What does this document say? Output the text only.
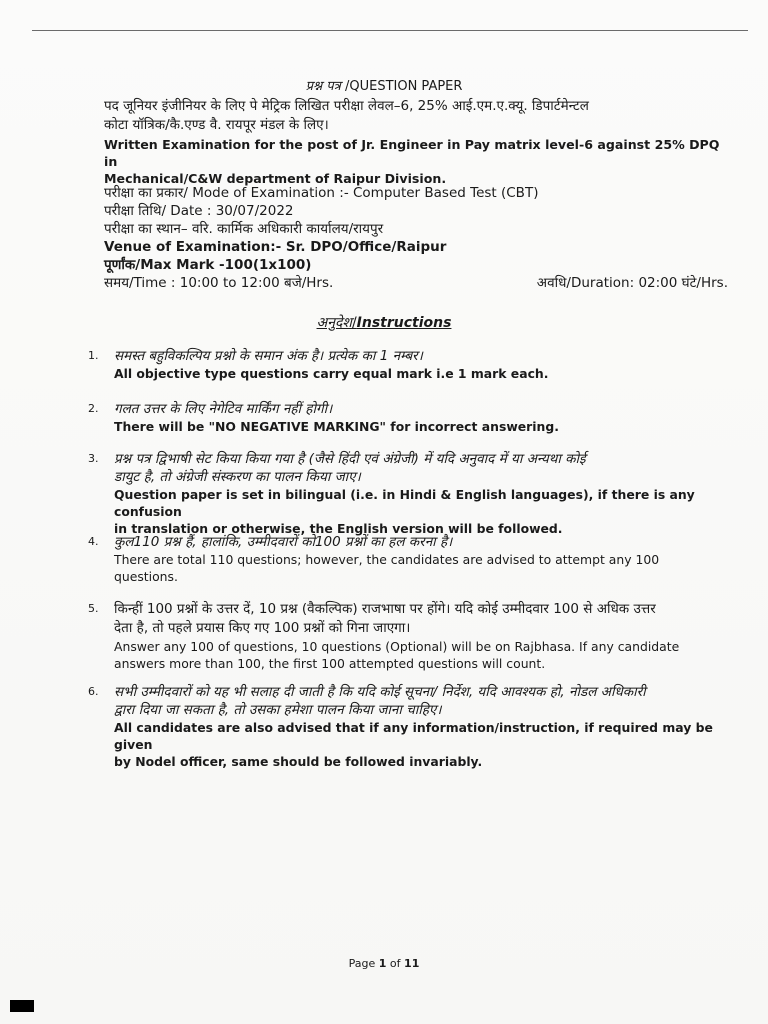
प्रश्न पत्र /QUESTION PAPER
पद जूनियर इंजीनियर के लिए पे मेट्रिक लिखित परीक्षा लेवल–6, 25% आई.एम.ए.क्यू. डिपार्टमेन्टल
कोटा यॉत्रिक/कै.एण्ड वै. रायपूर मंडल के लिए।
Written Examination for the post of Jr. Engineer in Pay matrix level-6 against 25% DPQ in
Mechanical/C&W department of Raipur Division.
परीक्षा का प्रकार/ Mode of Examination :- Computer Based Test (CBT)
परीक्षा तिथि/ Date : 30/07/2022
परीक्षा का स्थान– वरि. कार्मिक अधिकारी कार्यालय/रायपुर
Venue of Examination:- Sr. DPO/Office/Raipur
पूर्णांक/Max Mark -100(1x100)
समय/Time : 10:00 to 12:00 बजे/Hrs.	अवधि/Duration: 02:00 घंटे/Hrs.
अनुदेश/Instructions
1. समस्त बहुविकल्पिय प्रश्नो के समान अंक है। प्रत्येक का 1 नम्बर।
All objective type questions carry equal mark i.e 1 mark each.
2. गलत उत्तर के लिए नेगेटिव मार्किंग नहीं होगी।
There will be "NO NEGATIVE MARKING" for incorrect answering.
3. प्रश्न पत्र द्विभाषी सेट किया किया गया है (जैसे हिंदी एवं अंग्रेजी) में यदि अनुवाद में या अन्यथा कोई
डायुट है, तो अंग्रेजी संस्करण का पालन किया जाए।
Question paper is set in bilingual (i.e. in Hindi & English languages), if there is any confusion
in translation or otherwise, the English version will be followed.
4. कुल110 प्रश्न हैं, हालांकि, उम्मीदवारों को100 प्रश्नों का हल करना है।
There are total 110 questions; however, the candidates are advised to attempt any 100
questions.
5. किन्हीं 100 प्रश्नों के उत्तर दें, 10 प्रश्न (वैकल्पिक) राजभाषा पर होंगे। यदि कोई उम्मीदवार 100 से अधिक उत्तर
देता है, तो पहले प्रयास किए गए 100 प्रश्नों को गिना जाएगा।
Answer any 100 of questions, 10 questions (Optional) will be on Rajbhasa. If any candidate
answers more than 100, the first 100 attempted questions will count.
6. सभी उम्मीदवारों को यह भी सलाह दी जाती है कि यदि कोई सूचना/ निर्देश, यदि आवश्यक हो, नोडल अधिकारी
द्वारा दिया जा सकता है, तो उसका हमेशा पालन किया जाना चाहिए।
All candidates are also advised that if any information/instruction, if required may be given
by Nodel officer, same should be followed invariably.
Page 1 of 11
